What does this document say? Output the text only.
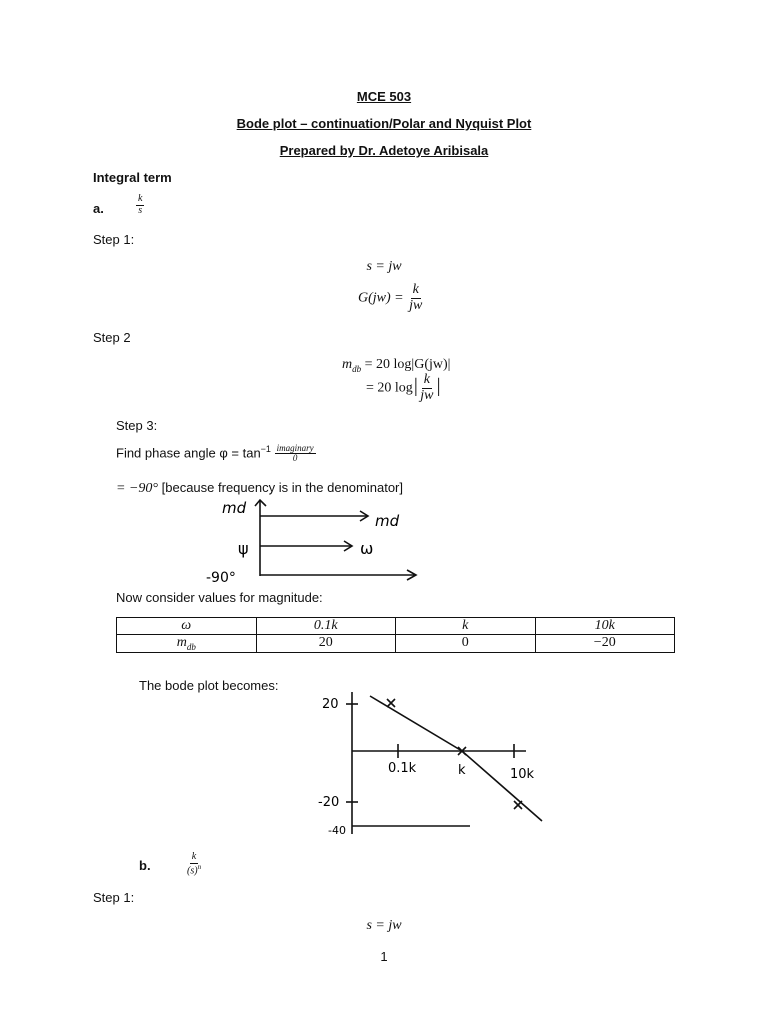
MCE 503
Bode plot – continuation/Polar and Nyquist Plot
Prepared by Dr. Adetoye Aribisala
Integral term
a.	$\frac{k}{s}$
Step 1:
s = jw
$G(jw) = \frac{k}{jw}$
Step 2
$m_{db} = 20$ log|G(jw)|
= 20 $\log| \frac{k}{jw}$ |
Step 3:
Find phase angle $\varphi = \tan^{-1} \frac{\text{imaginary}}{0}$
= −90° [because frequency is in the denominator]
md
md
ψ	ω
-90°
Now consider values for magnitude:
ω	0.1k	k	10k
$m_{db}$	20	0	−20
The bode plot becomes:
20
-20
-40
0.1k	k	10k
b.	$\frac{k}{(s)^n}$
Step 1:
s = jw
1
